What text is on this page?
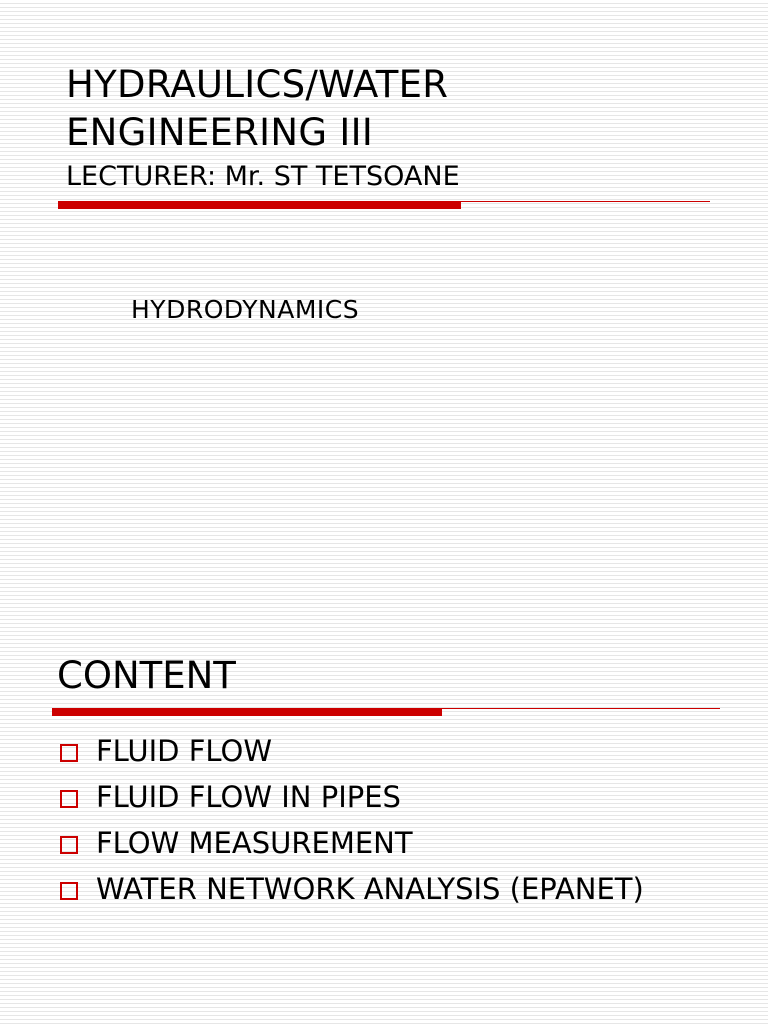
HYDRAULICS/WATER
ENGINEERING III
LECTURER: Mr. ST TETSOANE
HYDRODYNAMICS
CONTENT
FLUID FLOW
FLUID FLOW IN PIPES
FLOW MEASUREMENT
WATER NETWORK ANALYSIS (EPANET)
